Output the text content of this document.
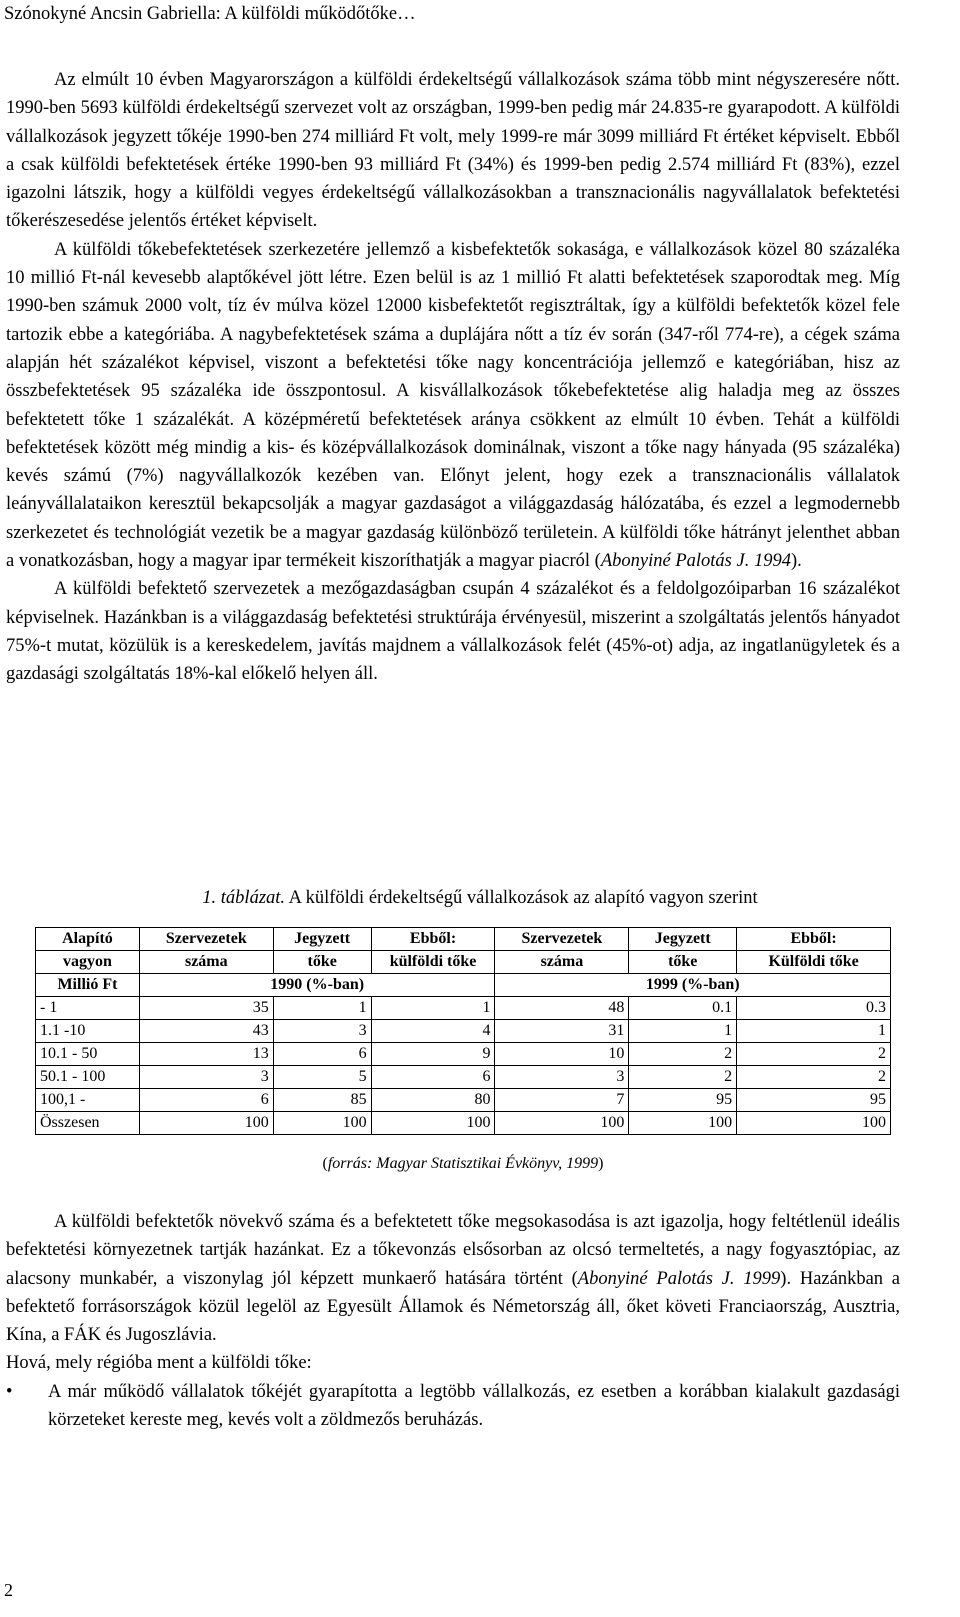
Szónokyné Ancsin Gabriella: A külföldi működőtőke…

Az elmúlt 10 évben Magyarországon a külföldi érdekeltségű vállalkozások száma több mint négyszeresére nőtt. 1990-ben 5693 külföldi érdekeltségű szervezet volt az országban, 1999-ben pedig már 24.835-re gyarapodott. A külföldi vállalkozások jegyzett tőkéje 1990-ben 274 milliárd Ft volt, mely 1999-re már 3099 milliárd Ft értéket képviselt. Ebből a csak külföldi befektetések értéke 1990-ben 93 milliárd Ft (34%) és 1999-ben pedig 2.574 milliárd Ft (83%), ezzel igazolni látszik, hogy a külföldi vegyes érdekeltségű vállalkozásokban a transznacionális nagyvállalatok befektetési tőkerészesedése jelentős értéket képviselt.

A külföldi tőkebefektetések szerkezetére jellemző a kisbefektetők sokasága, e vállalkozások közel 80 százaléka 10 millió Ft-nál kevesebb alaptőkével jött létre. Ezen belül is az 1 millió Ft alatti befektetések szaporodtak meg. Míg 1990-ben számuk 2000 volt, tíz év múlva közel 12000 kisbefektetőt regisztráltak, így a külföldi befektetők közel fele tartozik ebbe a kategóriába. A nagybefektetések száma a duplájára nőtt a tíz év során (347-ről 774-re), a cégek száma alapján hét százalékot képvisel, viszont a befektetési tőke nagy koncentrációja jellemző e kategóriában, hisz az összbefektetések 95 százaléka ide összpontosul. A kisvállalkozások tőkebefektetése alig haladja meg az összes befektetett tőke 1 százalékát. A középméretű befektetések aránya csökkent az elmúlt 10 évben. Tehát a külföldi befektetések között még mindig a kis- és középvállalkozások dominálnak, viszont a tőke nagy hányada (95 százaléka) kevés számú (7%) nagyvállalkozók kezében van. Előnyt jelent, hogy ezek a transznacionális vállalatok leányvállalataikon keresztül bekapcsolják a magyar gazdaságot a világgazdaság hálózatába, és ezzel a legmodernebb szerkezetet és technológiát vezetik be a magyar gazdaság különböző területein. A külföldi tőke hátrányt jelenthet abban a vonatkozásban, hogy a magyar ipar termékeit kiszoríthatják a magyar piacról (Abonyiné Palotás J. 1994).

A külföldi befektető szervezetek a mezőgazdaságban csupán 4 százalékot és a feldolgozóiparban 16 százalékot képviselnek. Hazánkban is a világgazdaság befektetési struktúrája érvényesül, miszerint a szolgáltatás jelentős hányadot 75%-t mutat, közülük is a kereskedelem, javítás majdnem a vállalkozások felét (45%-ot) adja, az ingatlanügyletek és a gazdasági szolgáltatás 18%-kal előkelő helyen áll.

1. táblázat. A külföldi érdekeltségű vállalkozások az alapító vagyon szerint
Alapító	Szervezetek	Jegyzett	Ebből:	Szervezetek	Jegyzett	Ebből:
vagyon	száma	tőke	külföldi tőke	száma	tőke	Külföldi tőke
Millió Ft	1990 (%-ban)			1999 (%-ban)		
- 1	35	1	1	48	0.1	0.3
1.1 -10	43	3	4	31	1	1
10.1 - 50	13	6	9	10	2	2
50.1 - 100	3	5	6	3	2	2
100,1 -	6	85	80	7	95	95
Összesen	100	100	100	100	100	100
(forrás: Magyar Statisztikai Évkönyv, 1999)

A külföldi befektetők növekvő száma és a befektetett tőke megsokasodása is azt igazolja, hogy feltétlenül ideális befektetési környezetnek tartják hazánkat. Ez a tőkevonzás elsősorban az olcsó termeltetés, a nagy fogyasztópiac, az alacsony munkabér, a viszonylag jól képzett munkaerő hatására történt (Abonyiné Palotás J. 1999). Hazánkban a befektető forrásországok közül legelöl az Egyesült Államok és Németország áll, őket követi Franciaország, Ausztria, Kína, a FÁK és Jugoszlávia.

Hová, mely régióba ment a külföldi tőke:

•	A már működő vállalatok tőkéjét gyarapította a legtöbb vállalkozás, ez esetben a korábban kialakult gazdasági körzeteket kereste meg, kevés volt a zöldmezős beruházás.
2
